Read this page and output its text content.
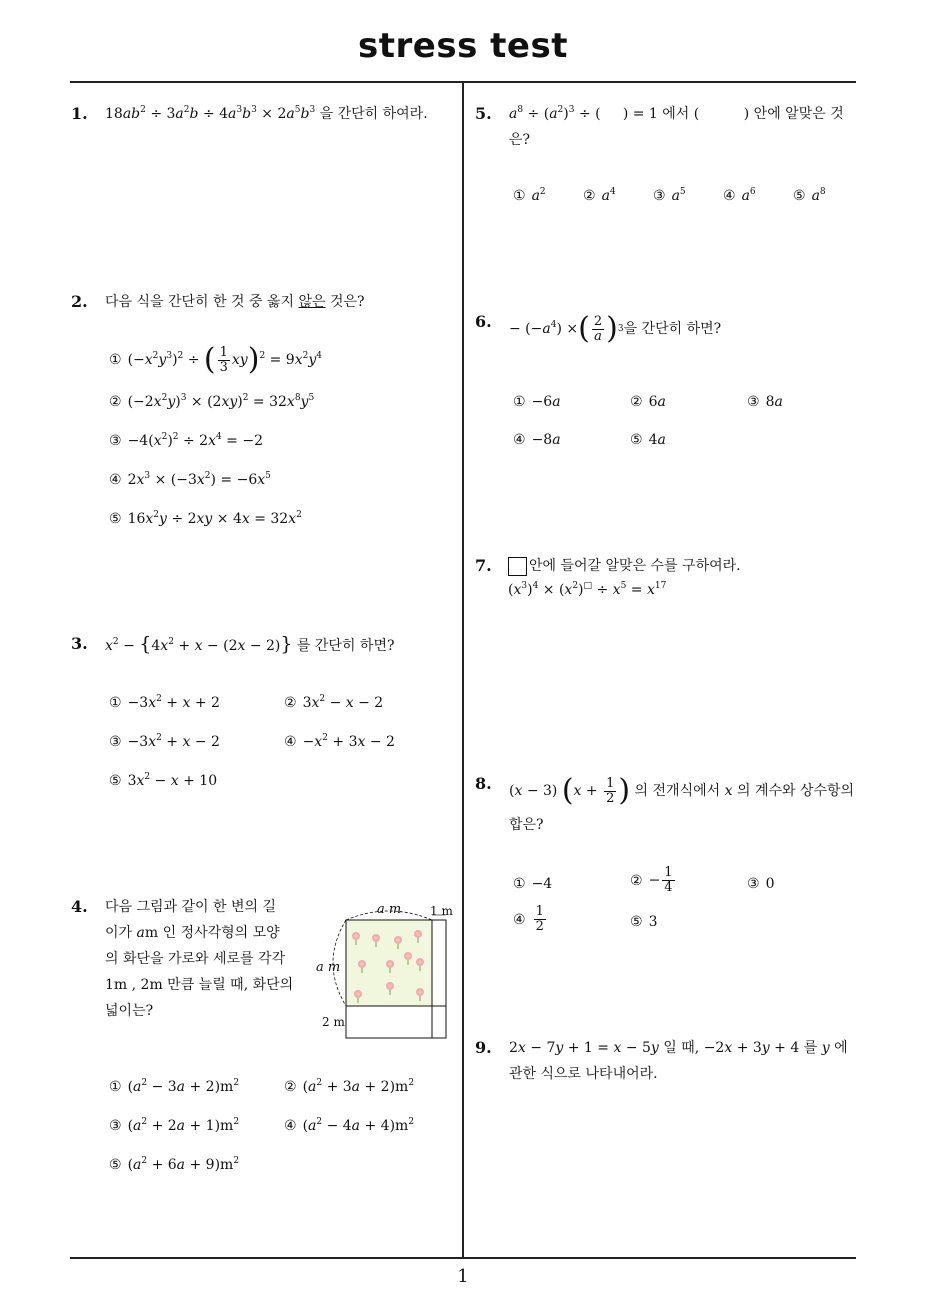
stress test
1
1. $18ab^2 \div 3a^2b \div 4a^3b^3 \times 2a^5b^3$ 을 간단히 하여라.
2. 다음 식을 간단히 한 것 중 옳지 않은 것은?
① $(-x^2y^3)^2$ ÷ ( $\frac{1}{3} xy)^2 = 9x^2y^4$
② $(-2x^2y)^3 \times (2xy)^2 = 32x^8y^5$
③ $-4(x^2)^2 \div 2x^4 = -2$
④ $2x^3 \times (-3x^2) = -6x^5$
⑤ $16x^2y \div 2xy \times 4x = 32x^2$
3. $x^2 - \{4x^2 + x - (2x - 2)\}$ 를 간단히 하면?
① $-3x^2 + x + 2$	② $3x^2 - x - 2$
③ $-3x^2 + x - 2$	④ $-x^2 + 3x - 2$
⑤ $3x^2 - x + 10$
4. 다음 그림과 같이 한 변의 길
이가 am 인 정사각형의 모양
의 화단을 가로와 세로를 각각
1m , 2m 만큼 늘릴 때, 화단의
넓이는?
a m 1 m
a m
2 m
① $(a^2 - 3a + 2)m^2$	② $(a^2 + 3a + 2)m^2$
③ $(a^2 + 2a + 1)m^2$	④ $(a^2 - 4a + 4)m^2$
⑤ $(a^2 + 6a + 9)m^2$
5. $a^8 \div (a^2)^3$ ÷ (     ) = 1 에서 (	) 안에 알맞은 것
은?
① $a^2$	② $a^4$	③ $a^5$	④ $a^6$	⑤ $a^8$
6. − $(-a^4)$ × ( $\frac{2}{a}$ ) 3 을 간단히 하면?
① −6a	② 6a	③ 8a
④ −8a	⑤ 4a
7.	안에 들어갈 알맞은 수를 구하여라.
$(x^3)^4 \times (x^2)^□ \div x^5 = x^{17}$
8. (x − 3)
( $x + \frac{1}{2}$ )
의 전개식에서
x
의 계수와 상수항의
합은?
① −4	② − $\frac{1}{4}$	③ 0
④ $\frac{1}{2}$	⑤ 3
9. 2x − 7y + 1 = x − 5y 일 때, −2x + 3y + 4 를 y 에
관한 식으로 나타내어라.
